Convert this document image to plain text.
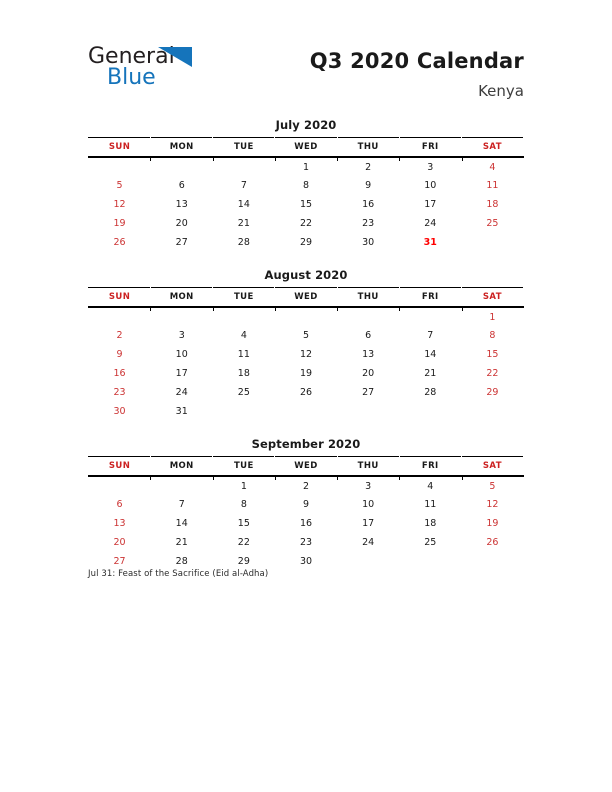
General
Blue
Q3 2020 Calendar
Kenya
July 2020
SUN	MON	TUE	WED	THU	FRI	SAT
			1	2	3	4
5	6	7	8	9	10	11
12	13	14	15	16	17	18
19	20	21	22	23	24	25
26	27	28	29	30	31	
August 2020
SUN	MON	TUE	WED	THU	FRI	SAT
						1
2	3	4	5	6	7	8
9	10	11	12	13	14	15
16	17	18	19	20	21	22
23	24	25	26	27	28	29
30	31					
September 2020
SUN	MON	TUE	WED	THU	FRI	SAT
		1	2	3	4	5
6	7	8	9	10	11	12
13	14	15	16	17	18	19
20	21	22	23	24	25	26
27	28	29	30			
Jul 31: Feast of the Sacrifice (Eid al-Adha)
